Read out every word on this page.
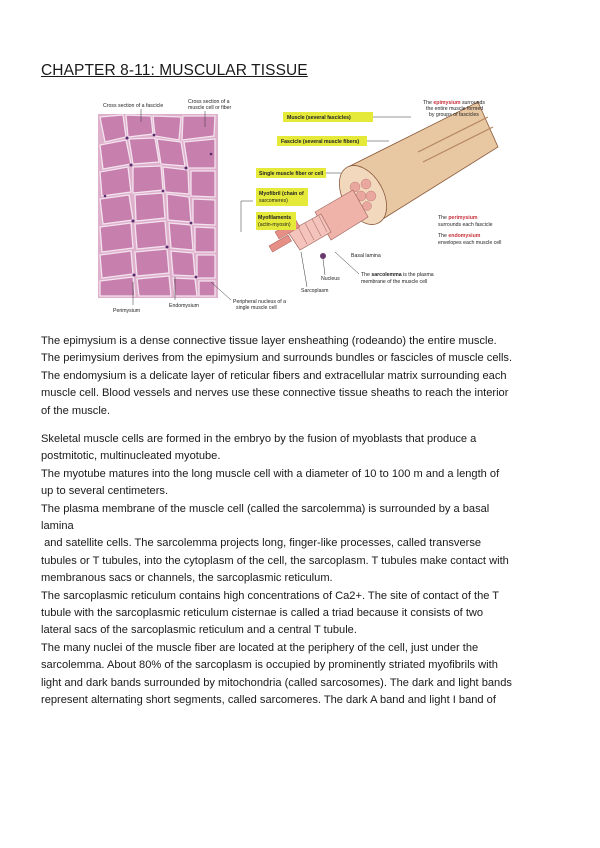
CHAPTER 8-11: MUSCULAR TISSUE
Cross section of a fascicle
Cross section of a
muscle cell or fiber
Perimysium
Endomysium
Peripheral nucleus of a
single muscle cell
Muscle (several fascicles)
Fascicle (several muscle fibers)
Single muscle fiber or cell
Myofibril (chain of
sarcomeres)
Myofilaments
(actin-myosin)
The epimysium surrounds
the entire muscle formed
by groups of fascicles
The perimysium
surrounds each fascicle
The endomysium
envelopes each muscle cell
Basal lamina
Nucleus
Sarcoplasm
The sarcolemma is the plasma
membrane of the muscle cell

The epimysium is a dense connective tissue layer ensheathing (rodeando) the entire muscle.

The perimysium derives from the epimysium and surrounds bundles or fascicles of muscle cells.

The endomysium is a delicate layer of reticular fibers and extracellular matrix surrounding each

muscle cell. Blood vessels and nerves use these connective tissue sheaths to reach the interior

of the muscle.

Skeletal muscle cells are formed in the embryo by the fusion of myoblasts that produce a

postmitotic, multinucleated myotube.

The myotube matures into the long muscle cell with a diameter of 10 to 100 m and a length of

up to several centimeters.

The plasma membrane of the muscle cell (called the sarcolemma) is surrounded by a basal

lamina

and satellite cells. The sarcolemma projects long, finger-like processes, called transverse

tubules or T tubules, into the cytoplasm of the cell, the sarcoplasm. T tubules make contact with

membranous sacs or channels, the sarcoplasmic reticulum.

The sarcoplasmic reticulum contains high concentrations of Ca2+. The site of contact of the T

tubule with the sarcoplasmic reticulum cisternae is called a triad because it consists of two

lateral sacs of the sarcoplasmic reticulum and a central T tubule.

The many nuclei of the muscle fiber are located at the periphery of the cell, just under the

sarcolemma. About 80% of the sarcoplasm is occupied by prominently striated myofibrils with

light and dark bands surrounded by mitochondria (called sarcosomes). The dark and light bands

represent alternating short segments, called sarcomeres. The dark A band and light I band of
